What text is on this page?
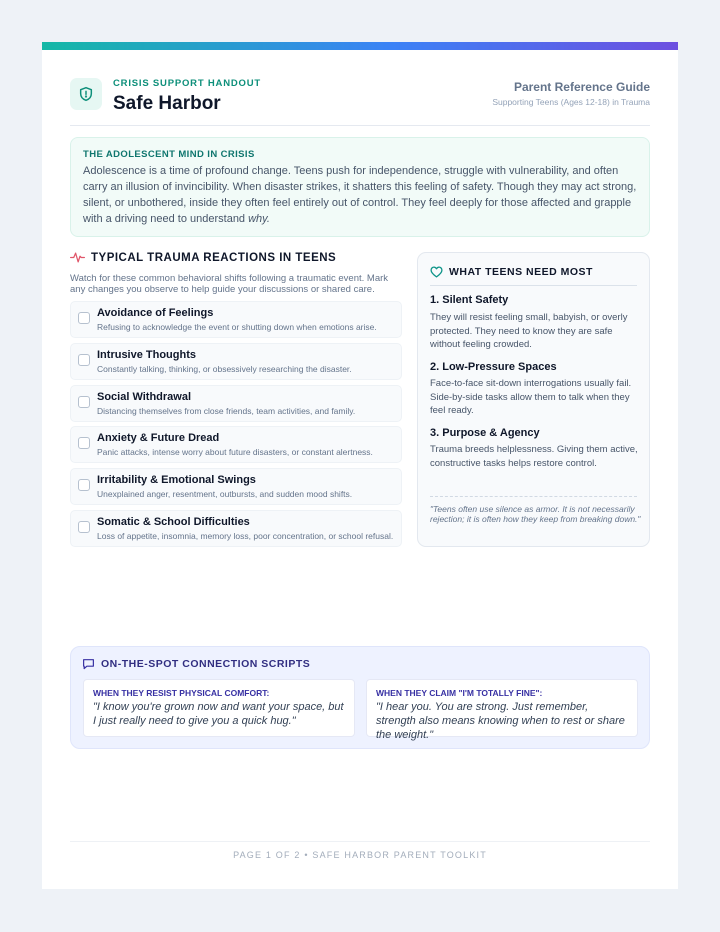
CRISIS SUPPORT HANDOUT
Safe Harbor
Parent Reference Guide
Supporting Teens (Ages 12-18) in Trauma
THE ADOLESCENT MIND IN CRISIS
Adolescence is a time of profound change. Teens push for independence, struggle with vulnerability, and often carry an illusion of invincibility. When disaster strikes, it shatters this feeling of safety. Though they may act strong, silent, or unbothered, inside they often feel entirely out of control. They feel deeply for those affected and grapple with a driving need to understand why.
TYPICAL TRAUMA REACTIONS IN TEENS
Watch for these common behavioral shifts following a traumatic event. Mark any changes you observe to help guide your discussions or shared care.
Avoidance of Feelings
Refusing to acknowledge the event or shutting down when emotions arise.
Intrusive Thoughts
Constantly talking, thinking, or obsessively researching the disaster.
Social Withdrawal
Distancing themselves from close friends, team activities, and family.
Anxiety & Future Dread
Panic attacks, intense worry about future disasters, or constant alertness.
Irritability & Emotional Swings
Unexplained anger, resentment, outbursts, and sudden mood shifts.
Somatic & School Difficulties
Loss of appetite, insomnia, memory loss, poor concentration, or school refusal.
WHAT TEENS NEED MOST
1. Silent Safety
They will resist feeling small, babyish, or overly protected. They need to know they are safe without feeling crowded.
2. Low-Pressure Spaces
Face-to-face sit-down interrogations usually fail. Side-by-side tasks allow them to talk when they feel ready.
3. Purpose & Agency
Trauma breeds helplessness. Giving them active, constructive tasks helps restore control.
"Teens often use silence as armor. It is not necessarily rejection; it is often how they keep from breaking down."
ON-THE-SPOT CONNECTION SCRIPTS
WHEN THEY RESIST PHYSICAL COMFORT:
"I know you're grown now and want your space, but I just really need to give you a quick hug."
WHEN THEY CLAIM "I'M TOTALLY FINE":
"I hear you. You are strong. Just remember, strength also means knowing when to rest or share the weight."
PAGE 1 OF 2 • SAFE HARBOR PARENT TOOLKIT
